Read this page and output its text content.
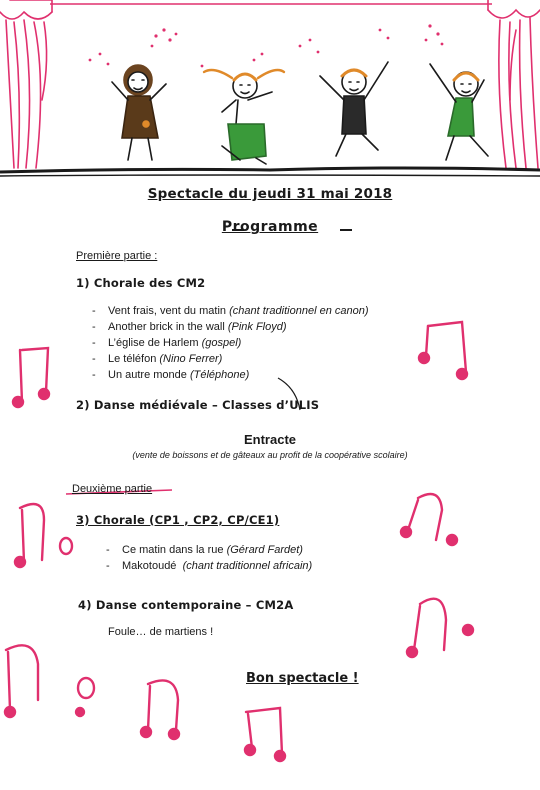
Spectacle du jeudi 31 mai 2018
Programme
Première partie :
1) Chorale des CM2
- Vent frais, vent du matin (chant traditionnel en canon)
- Another brick in the wall (Pink Floyd)
- L’église de Harlem (gospel)
- Le téléfon (Nino Ferrer)
- Un autre monde (Téléphone)
2) Danse médiévale – Classes d’ULIS
Entracte
(vente de boissons et de gâteaux au profit de la coopérative scolaire)
Deuxième partie
3) Chorale (CP1 , CP2, CP/CE1)
- Ce matin dans la rue (Gérard Fardet)
- Makotoudé (chant traditionnel africain)
4) Danse contemporaine – CM2A
Foule… de martiens !
Bon spectacle !
